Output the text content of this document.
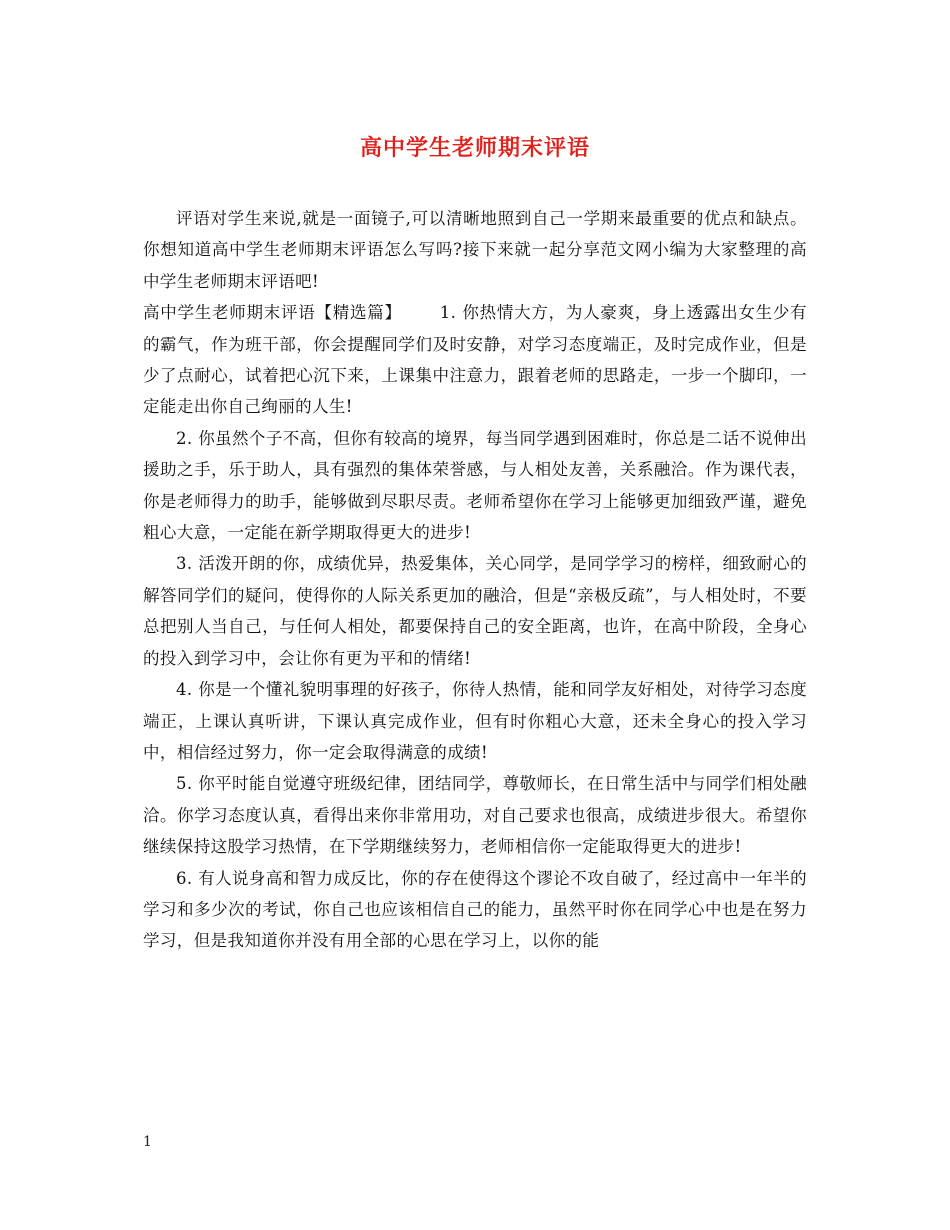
高中学生老师期末评语

评语对学生来说,就是一面镜子,可以清晰地照到自己一学期来最重要的优点和缺点。你想知道高中学生老师期末评语怎么写吗?接下来就一起分享范文网小编为大家整理的高中学生老师期末评语吧!

高中学生老师期末评语【精选篇】 1. 你热情大方，为人豪爽，身上透露出女生少有的霸气，作为班干部，你会提醒同学们及时安静，对学习态度端正，及时完成作业，但是少了点耐心，试着把心沉下来，上课集中注意力，跟着老师的思路走，一步一个脚印，一定能走出你自己绚丽的人生!

2. 你虽然个子不高，但你有较高的境界，每当同学遇到困难时，你总是二话不说伸出援助之手，乐于助人，具有强烈的集体荣誉感，与人相处友善，关系融洽。作为课代表，你是老师得力的助手，能够做到尽职尽责。老师希望你在学习上能够更加细致严谨，避免粗心大意，一定能在新学期取得更大的进步!

3. 活泼开朗的你，成绩优异，热爱集体，关心同学，是同学学习的榜样，细致耐心的解答同学们的疑问，使得你的人际关系更加的融洽，但是“亲极反疏”，与人相处时，不要总把别人当自己，与任何人相处，都要保持自己的安全距离，也许，在高中阶段，全身心的投入到学习中，会让你有更为平和的情绪!

4. 你是一个懂礼貌明事理的好孩子，你待人热情，能和同学友好相处，对待学习态度端正，上课认真听讲，下课认真完成作业，但有时你粗心大意，还未全身心的投入学习中，相信经过努力，你一定会取得满意的成绩!

5. 你平时能自觉遵守班级纪律，团结同学，尊敬师长，在日常生活中与同学们相处融洽。你学习态度认真，看得出来你非常用功，对自己要求也很高，成绩进步很大。希望你继续保持这股学习热情，在下学期继续努力，老师相信你一定能取得更大的进步!

6. 有人说身高和智力成反比，你的存在使得这个谬论不攻自破了，经过高中一年半的学习和多少次的考试，你自己也应该相信自己的能力，虽然平时你在同学心中也是在努力学习，但是我知道你并没有用全部的心思在学习上，以你的能

1
